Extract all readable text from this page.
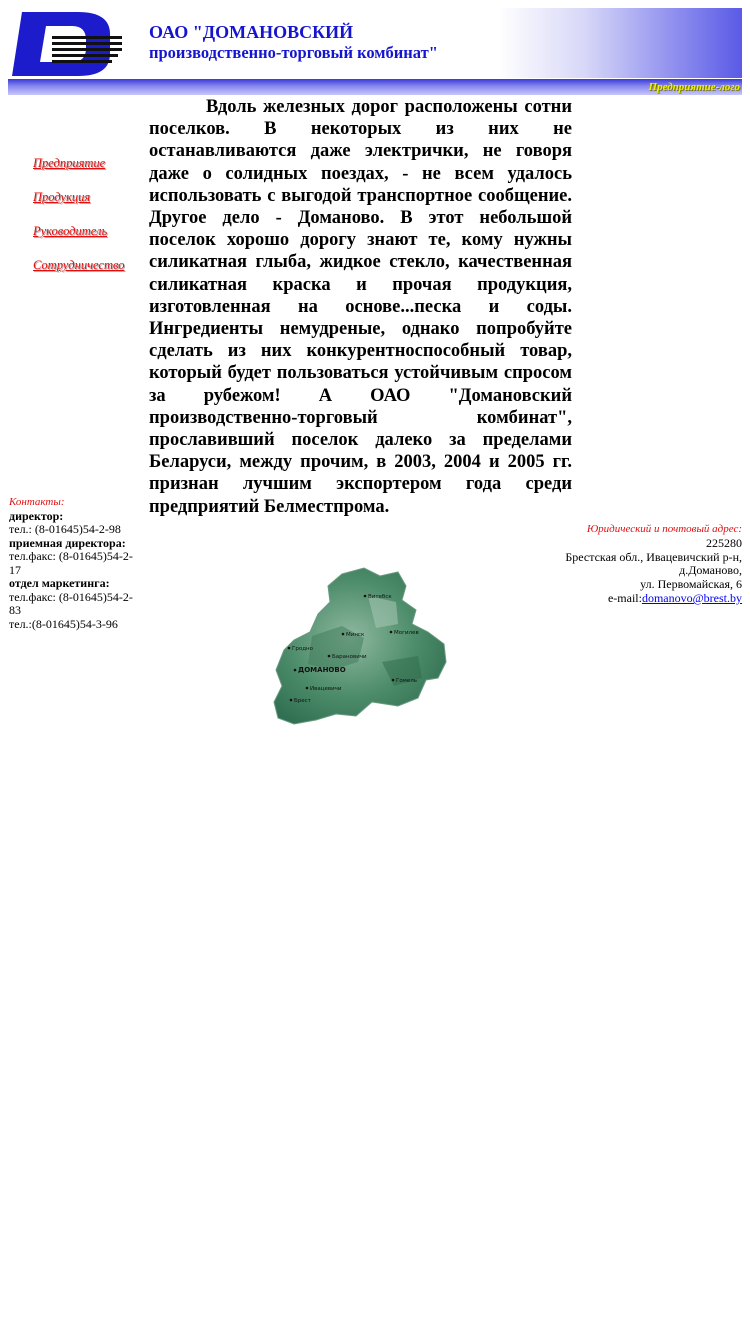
ОАО "ДОМАНОВСКИЙ
производственно-торговый комбинат"
Предприятие-лого
Предприятие
Продукция
Руководитель
Сотрудничество

Вдоль железных дорог расположены сотни поселков. В некоторых из них не останавливаются даже электрички, не говоря даже о солидных поездах, - не всем удалось использовать с выгодой транспортное сообщение. Другое дело - Доманово. В этот небольшой поселок хорошо дорогу знают те, кому нужны силикатная глыба, жидкое стекло, качественная силикатная краска и прочая продукция, изготовленная на основе...песка и соды. Ингредиенты немудреные, однако попробуйте сделать из них конкурентноспособный товар, который будет пользоваться устойчивым спросом за рубежом! А ОАО "Домановский производственно-торговый комбинат", прославивший поселок далеко за пределами Беларуси, между прочим, в 2003, 2004 и 2005 гг. признан лучшим экспортером года среди предприятий Белместпрома.

Контакты:
директор:
тел.: (8-01645)54-2-98
приемная директора:
тел.факс: (8-01645)54-2-17
отдел маркетинга:
тел.факс: (8-01645)54-2-83
тел.:(8-01645)54-3-96
Юридический и почтовый адрес:
225280
Брестская обл., Ивацевичский р-н, д.Доманово,
ул. Первомайская, 6
e-mail:domanovo@brest.by
Витебск
Минск	Могилев
Гродно
Барановичи
ДОМАНОВО
Ивацевичи
Брест
Гомель
